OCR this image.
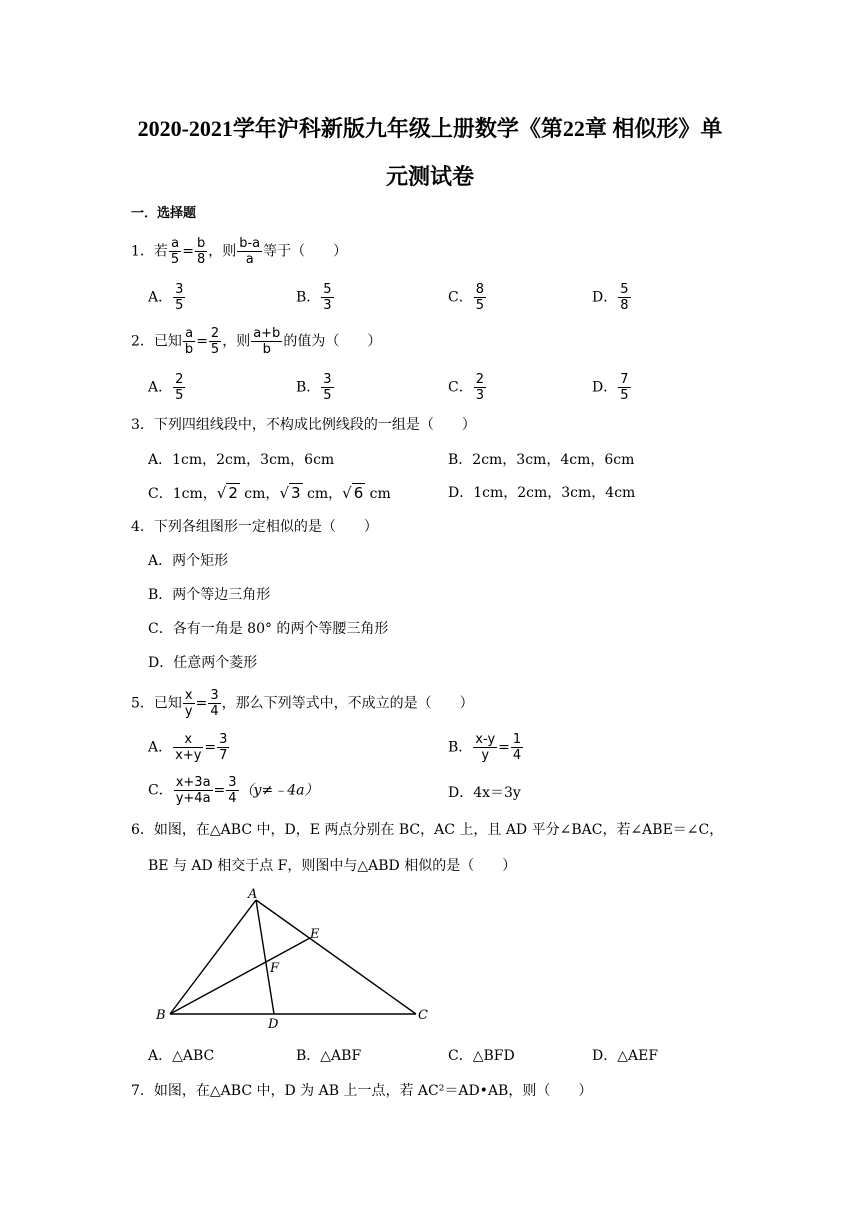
2020-2021学年沪科新版九年级上册数学《第22章 相似形》单
元测试卷
一．选择题
1．若 $\frac{a}{5} = \frac{b}{8}$ ，则 $\frac{b-a}{a}$ 等于（　　）
A． $\frac{3}{5}$	B． $\frac{5}{3}$	C． $\frac{8}{5}$	D． $\frac{5}{8}$
2．已知 $\frac{a}{b} = \frac{2}{5}$ ，则 $\frac{a+b}{b}$ 的值为（　　）
A． $\frac{2}{5}$	B． $\frac{3}{5}$	C． $\frac{2}{3}$	D． $\frac{7}{5}$
3．下列四组线段中，不构成比例线段的一组是（　　）
A．1cm，2cm，3cm，6cm	B．2cm，3cm，4cm，6cm
C．1cm，√ 2 cm，√ 3 cm，√ 6 cm	D．1cm，2cm，3cm，4cm
4．下列各组图形一定相似的是（　　）
A．两个矩形
B．两个等边三角形
C．各有一角是 80° 的两个等腰三角形
D．任意两个菱形
5．已知 $\frac{x}{y} = \frac{3}{4}$ ，那么下列等式中，不成立的是（　　）
A． $\frac{x}{x+y} = \frac{3}{7}$	B． $\frac{x-y}{y} = \frac{1}{4}$
C． $\frac{x+3a}{y+4a} = \frac{3}{4}$ （y≠﹣4a）	D．4x＝3y
6．如图，在△ABC 中，D，E 两点分别在 BC，AC 上，且 AD 平分∠BAC，若∠ABE＝∠C，
BE 与 AD 相交于点 F，则图中与△ABD 相似的是（　　）
A
B	C
D
E
F
A．△ABC	B．△ABF	C．△BFD	D．△AEF
7．如图，在△ABC 中，D 为 AB 上一点，若 AC²＝AD•AB，则（　　）
